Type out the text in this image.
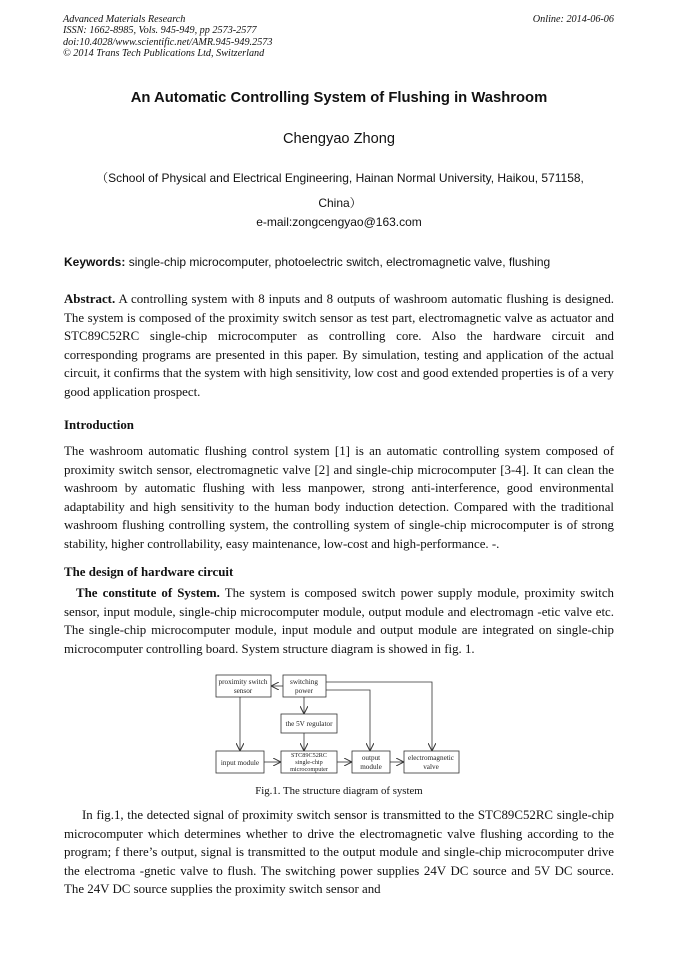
Advanced Materials Research
ISSN: 1662-8985, Vols. 945-949, pp 2573-2577
doi:10.4028/www.scientific.net/AMR.945-949.2573
© 2014 Trans Tech Publications Ltd, Switzerland
Online: 2014-06-06
An Automatic Controlling System of Flushing in Washroom
Chengyao Zhong
（School of Physical and Electrical Engineering, Hainan Normal University, Haikou, 571158, China）
e-mail:zongcengyao@163.com
Keywords: single-chip microcomputer, photoelectric switch, electromagnetic valve, flushing
Abstract. A controlling system with 8 inputs and 8 outputs of washroom automatic flushing is designed. The system is composed of the proximity switch sensor as test part, electromagnetic valve as actuator and STC89C52RC single-chip microcomputer as controlling core. Also the hardware circuit and corresponding programs are presented in this paper. By simulation, testing and application of the actual circuit, it confirms that the system with high sensitivity, low cost and good extended properties is of a very good application prospect.
Introduction
The washroom automatic flushing control system [1] is an automatic controlling system composed of proximity switch sensor, electromagnetic valve [2] and single-chip microcomputer [3-4]. It can clean the washroom by automatic flushing with less manpower, strong anti-interference, good environmental adaptability and high sensitivity to the human body induction detection. Compared with the traditional washroom flushing controlling system, the controlling system of single-chip microcomputer is of strong stability, higher controllability, easy maintenance, low-cost and high-performance. -.
The design of hardware circuit
The constitute of System. The system is composed switch power supply module, proximity switch sensor, input module, single-chip microcomputer module, output module and electromagn -etic valve etc. The single-chip microcomputer module, input module and output module are integrated on single-chip microcomputer controlling board. System structure diagram is showed in fig. 1.
proximity switch
sensor
switching
power
the 5V regulator
input module
STC89C52RC
single-chip
microcomputer
output
module
electromagnetic
valve
Fig.1. The structure diagram of system
In fig.1, the detected signal of proximity switch sensor is transmitted to the STC89C52RC single-chip microcomputer which determines whether to drive the electromagnetic valve flushing according to the program; f there’s output, signal is transmitted to the output module and single-chip microcomputer drive the electroma -gnetic valve to flush. The switching power supplies 24V DC source and 5V DC source. The 24V DC source supplies the proximity switch sensor and
